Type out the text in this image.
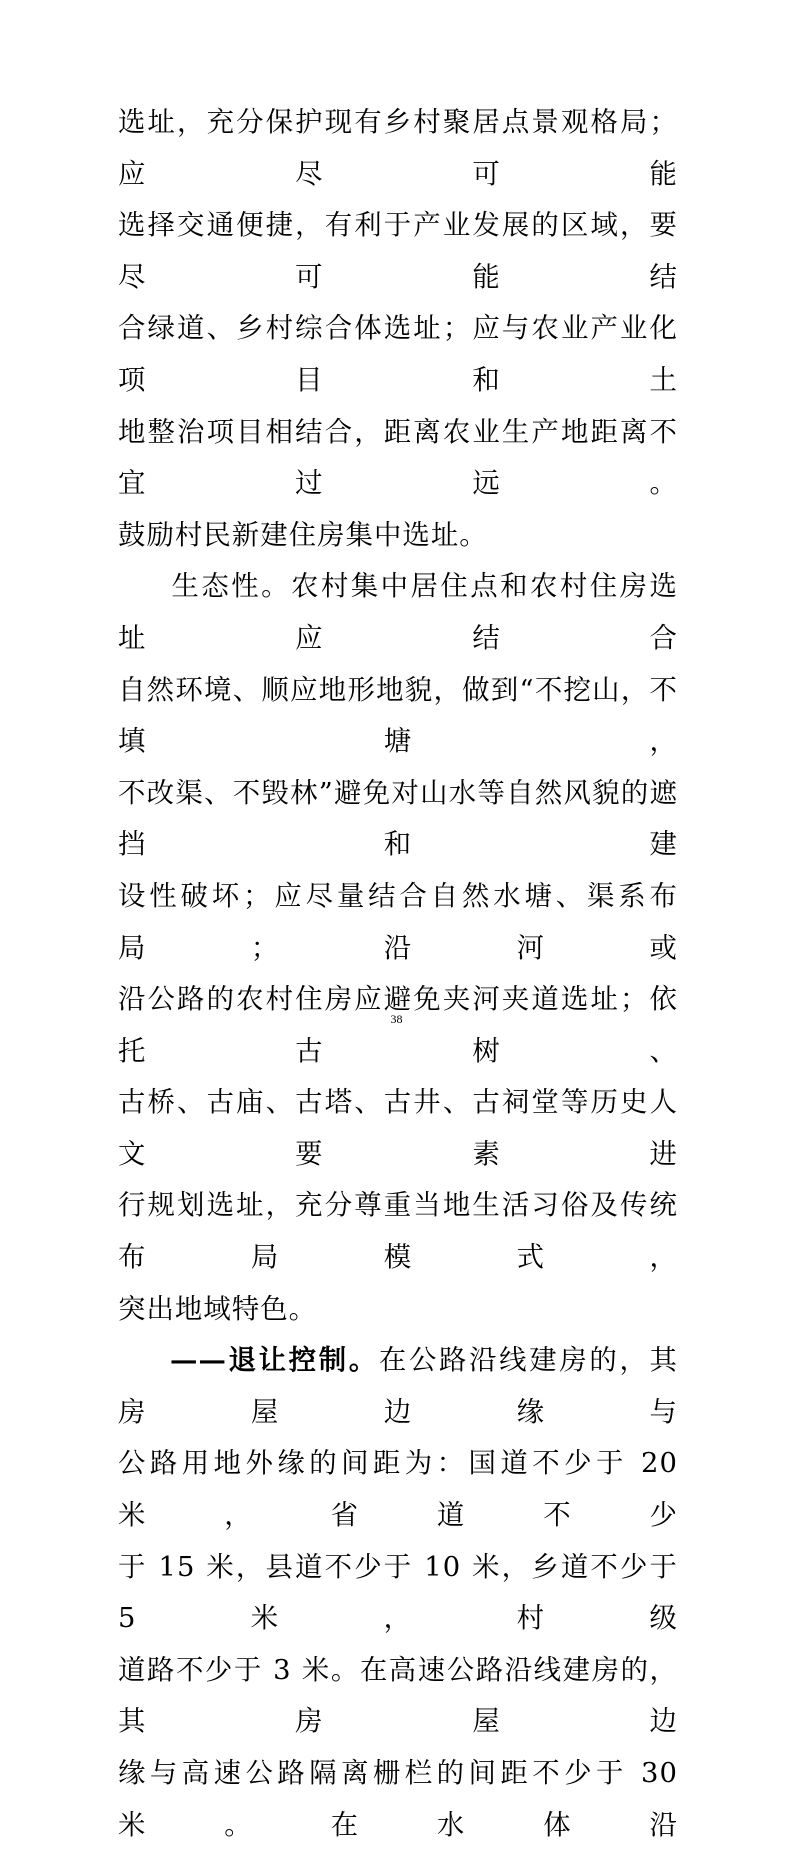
选址，充分保护现有乡村聚居点景观格局；应尽可能

选择交通便捷，有利于产业发展的区域，要尽可能结

合绿道、乡村综合体选址；应与农业产业化项目和土

地整治项目相结合，距离农业生产地距离不宜过远。

鼓励村民新建住房集中选址。

生态性。农村集中居住点和农村住房选址应结合

自然环境、顺应地形地貌，做到“不挖山，不填塘，

不改渠、不毁林”避免对山水等自然风貌的遮挡和建

设性破坏；应尽量结合自然水塘、渠系布局；沿河或

沿公路的农村住房应避免夹河夹道选址；依托古树、

古桥、古庙、古塔、古井、古祠堂等历史人文要素进

行规划选址，充分尊重当地生活习俗及传统布局模式，

突出地域特色。

——退让控制。在公路沿线建房的，其房屋边缘与

公路用地外缘的间距为：国道不少于 20 米，省道不少

于 15 米，县道不少于 10 米，乡道不少于 5 米，村级

道路不少于 3 米。在高速公路沿线建房的，其房屋边

缘与高速公路隔离栅栏的间距不少于 30 米。在水体沿

38
